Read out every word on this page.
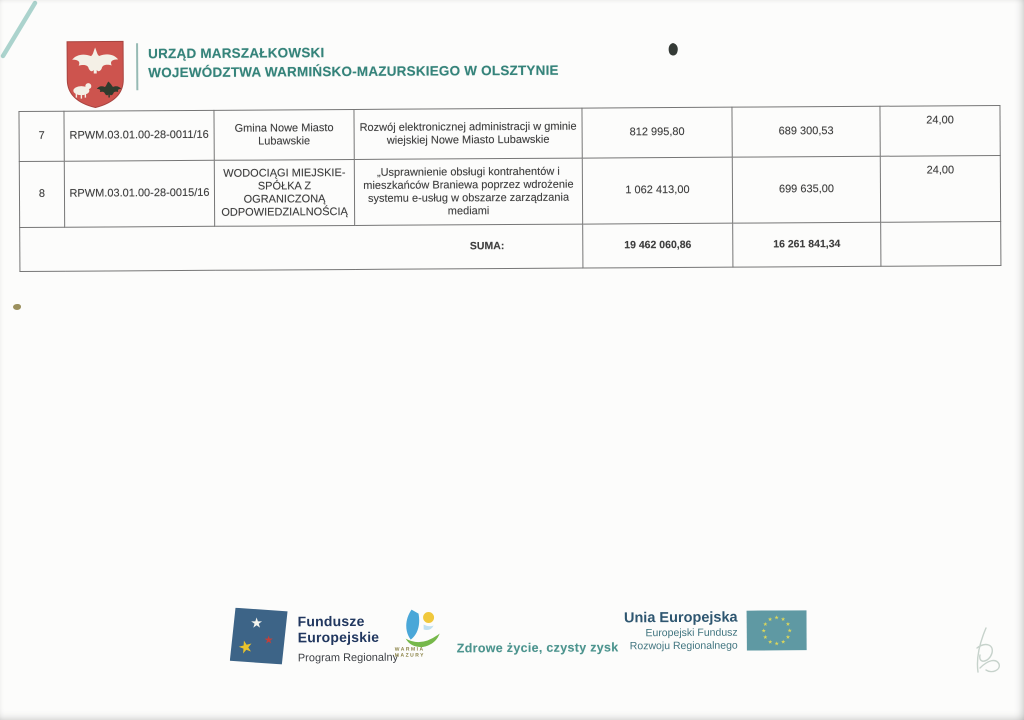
URZĄD MARSZAŁKOWSKI
WOJEWÓDZTWA WARMIŃSKO-MAZURSKIEGO W OLSZTYNIE
7	RPWM.03.01.00-28-0011/16	Gmina Nowe Miasto Lubawskie	Rozwój elektronicznej administracji w gminie wiejskiej Nowe Miasto Lubawskie	812 995,80	689 300,53	24,00
8	RPWM.03.01.00-28-0015/16	WODOCIĄGI MIEJSKIE- SPÓŁKA Z OGRANICZONĄ ODPOWIEDZIALNOŚCIĄ	„Usprawnienie obsługi kontrahentów i mieszkańców Braniewa poprzez wdrożenie systemu e-usług w obszarze zarządzania mediami	1 062 413,00	699 635,00	24,00
SUMA:				19 462 060,86	16 261 841,34	
★
★ ★
Fundusze
Europejskie
Program Regionalny
WARMIA
MAZURY
Zdrowe życie, czysty zysk
Unia Europejska
Europejski Fundusz
Rozwoju Regionalnego
★ ★
★
★
★
★
★
★
★
★
★
★
